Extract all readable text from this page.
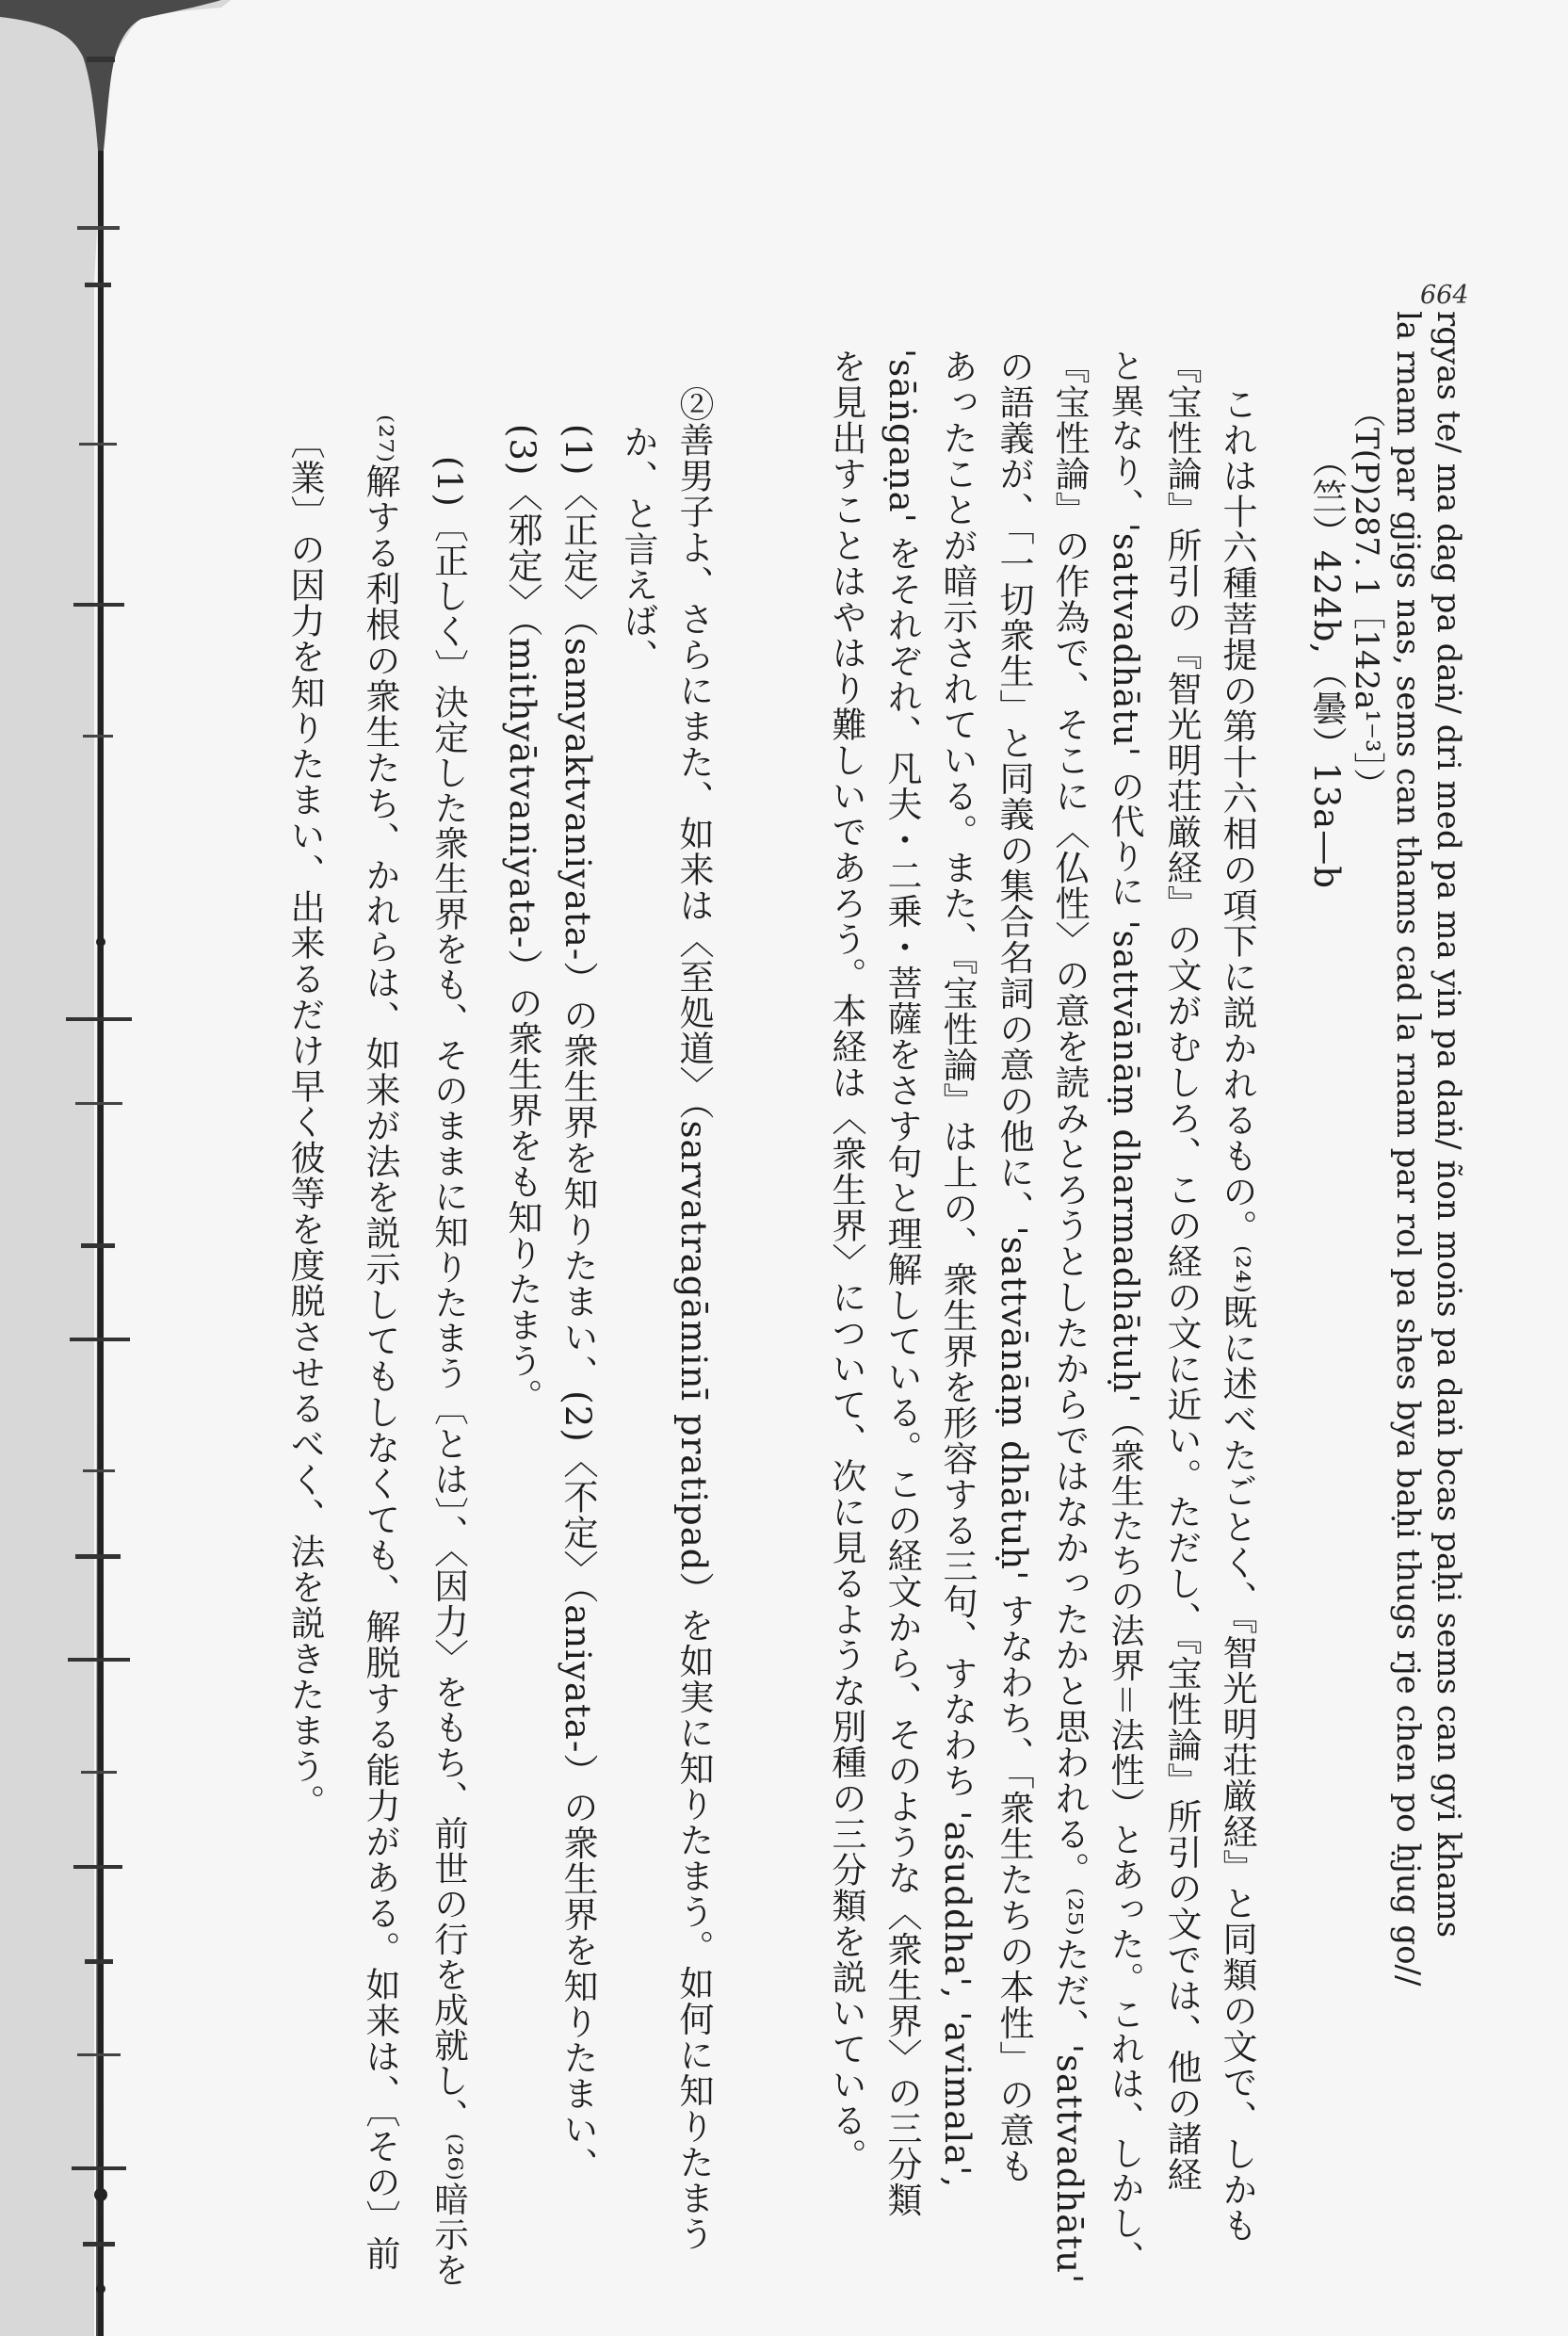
664
rgyas te/ ma dag pa daṅ/ dri med pa ma yin pa daṅ/ ñon moṅs pa daṅ bcas paḥi sems can gyi khams
la rnam par gjigs nas, sems can thams cad la rnam par rol pa shes bya baḥi thugs rje chen po ḥjug go//
（T(P)287. 1［142a¹⁻³］）
（竺）424b,（曇）13a—b
これは十六種菩提の第十六相の項下に説かれるもの。⁽²⁴⁾既に述べたごとく、『智光明荘厳経』と同類の文で、しかも
『宝性論』所引の『智光明荘厳経』の文がむしろ、この経の文に近い。ただし、『宝性論』所引の文では、他の諸経
と異なり、'sattvadhātu' の代りに 'sattvānāṃ dharmadhātuḥ'（衆生たちの法界＝法性）とあった。これは、しかし、
『宝性論』の作為で、そこに〈仏性〉の意を読みとろうとしたからではなかったかと思われる。⁽²⁵⁾ただ、'sattvadhātu'
の語義が、「一切衆生」と同義の集合名詞の意の他に、'sattvānāṃ dhātuḥ' すなわち、「衆生たちの本性」の意も
あったことが暗示されている。また、『宝性論』は上の、衆生界を形容する三句、すなわち 'aśuddha', 'avimala',
'sāṅgaṇa' をそれぞれ、凡夫・二乗・菩薩をさす句と理解している。この経文から、そのような〈衆生界〉の三分類
を見出すことはやはり難しいであろう。本経は〈衆生界〉について、次に見るような別種の三分類を説いている。
②善男子よ、さらにまた、如来は〈至処道〉（sarvatragāminī pratipad）を如実に知りたまう。如何に知りたまう
か、と言えば、
(1)〈正定〉（samyaktvaniyata-）の衆生界を知りたまい、(2)〈不定〉（aniyata-）の衆生界を知りたまい、
(3)〈邪定〉（mithyātvaniyata-）の衆生界をも知りたまう。
(1)〔正しく〕決定した衆生界をも、そのままに知りたまう〔とは〕、〈因力〉をもち、前世の行を成就し、⁽²⁶⁾暗示を
⁽²⁷⁾解する利根の衆生たち、かれらは、如来が法を説示してもしなくても、解脱する能力がある。如来は、〔その〕前
〔業〕の因力を知りたまい、出来るだけ早く彼等を度脱させるべく、法を説きたまう。
